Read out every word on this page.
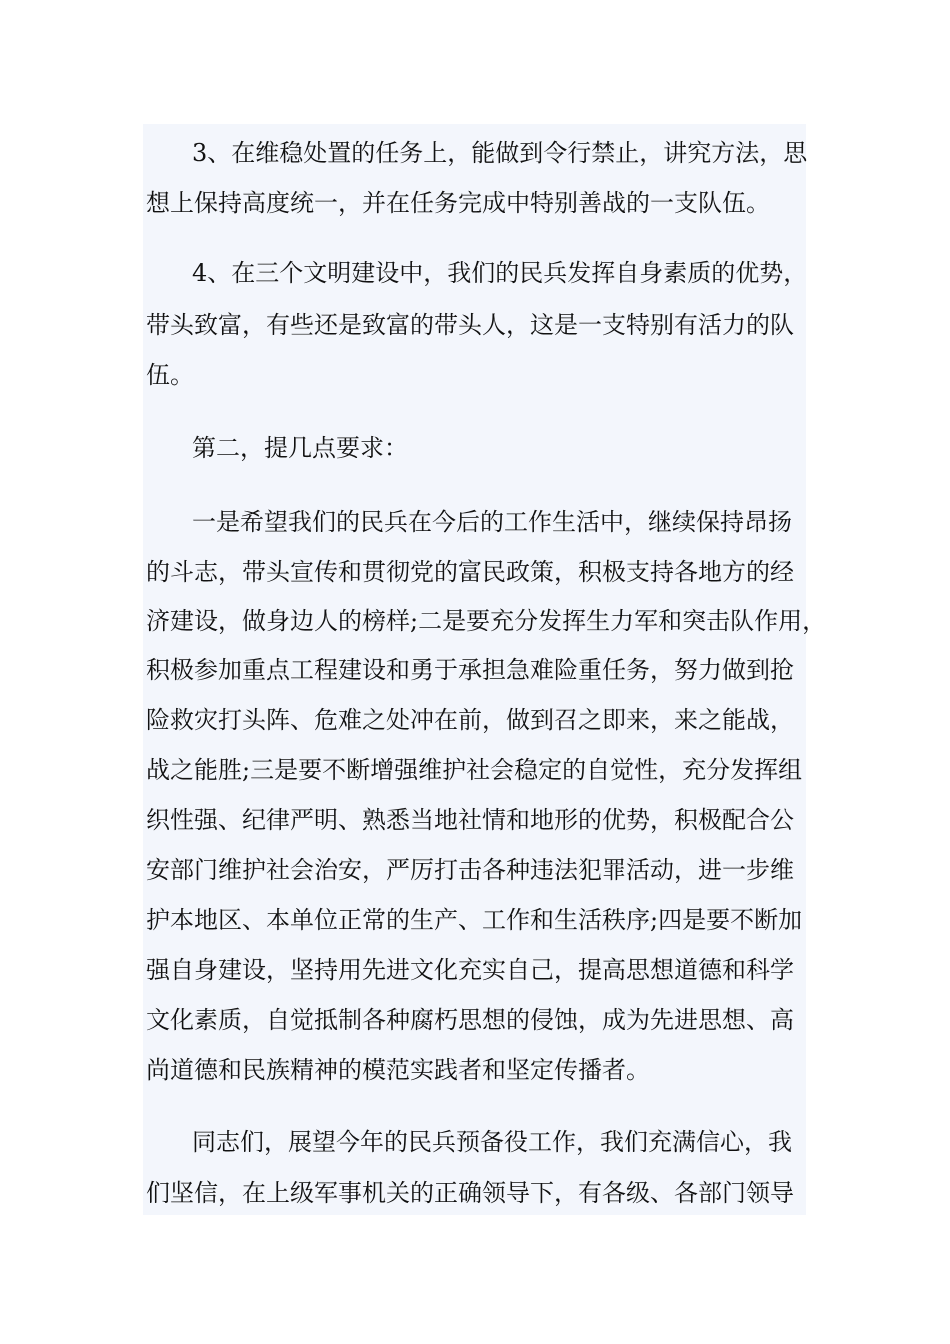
3、在维稳处置的任务上，能做到令行禁止，讲究方法，思
想上保持高度统一，并在任务完成中特别善战的一支队伍。
4、在三个文明建设中，我们的民兵发挥自身素质的优势，
带头致富，有些还是致富的带头人，这是一支特别有活力的队
伍。
第二，提几点要求：
一是希望我们的民兵在今后的工作生活中，继续保持昂扬
的斗志，带头宣传和贯彻党的富民政策，积极支持各地方的经
济建设，做身边人的榜样;二是要充分发挥生力军和突击队作用，
积极参加重点工程建设和勇于承担急难险重任务，努力做到抢
险救灾打头阵、危难之处冲在前，做到召之即来，来之能战，
战之能胜;三是要不断增强维护社会稳定的自觉性，充分发挥组
织性强、纪律严明、熟悉当地社情和地形的优势，积极配合公
安部门维护社会治安，严厉打击各种违法犯罪活动，进一步维
护本地区、本单位正常的生产、工作和生活秩序;四是要不断加
强自身建设，坚持用先进文化充实自己，提高思想道德和科学
文化素质，自觉抵制各种腐朽思想的侵蚀，成为先进思想、高
尚道德和民族精神的模范实践者和坚定传播者。
同志们，展望今年的民兵预备役工作，我们充满信心，我
们坚信，在上级军事机关的正确领导下，有各级、各部门领导
